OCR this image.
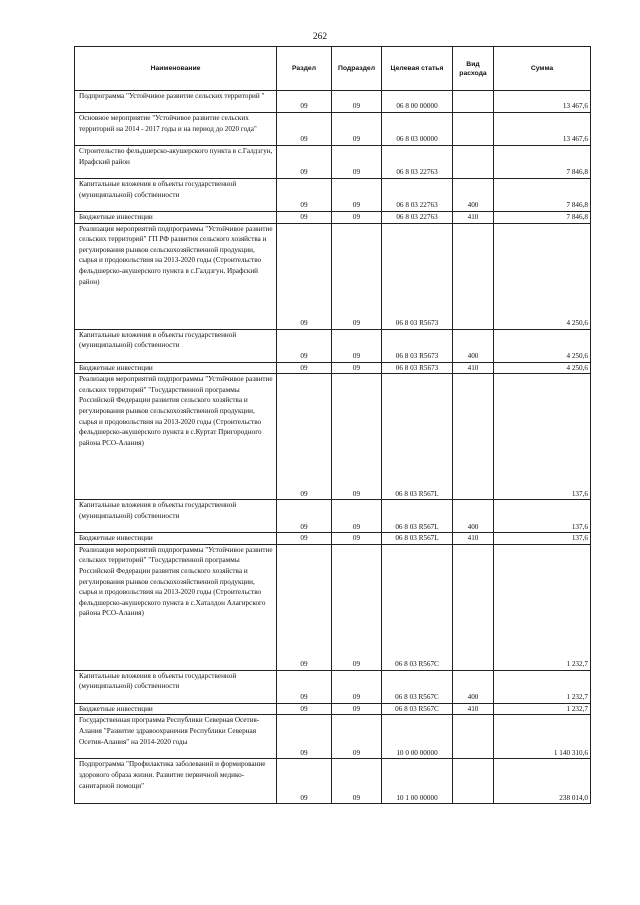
262
Наименование	Раздел	Подраздел	Целевая статья	Вид расхода	Сумма
Подпрограмма "Устойчивое развитие сельских территорий "	09	09	06 8 00 00000		13 467,6
Основное мероприятие "Устойчивое развитие сельских территорий на 2014 - 2017 годы и на период до 2020 года"	09	09	06 8 03 00000		13 467,6
Строительство фельдшерско-акушерского пункта в с.Галдзгун, Ирафский район	09	09	06 8 03 22763		7 846,8
Капитальные вложения в объекты государственной (муниципальной) собственности	09	09	06 8 03 22763	400	7 846,8
Бюджетные инвестиции	09	09	06 8 03 22763	410	7 846,8
Реализация мероприятий подпрограммы "Устойчивое развитие сельских территорий" ГП РФ развития сельского хозяйства и регулирования рынков сельскохозяйственной продукции, сырья и продовольствия на 2013-2020 годы (Строительство фельдшерско-акушерского пункта в с.Галдзгун, Ирафский район)	09	09	06 8 03 R5673		4 250,6
Капитальные вложения в объекты государственной (муниципальной) собственности	09	09	06 8 03 R5673	400	4 250,6
Бюджетные инвестиции	09	09	06 8 03 R5673	410	4 250,6
Реализация мероприятий подпрограммы "Устойчивое развитие сельских территорий" "Государственной программы Российской Федерации развития сельского хозяйства и регулирования рынков сельскохозяйственной продукции, сырья и продовольствия на 2013-2020 годы (Строительство фельдшерско-акушерского пункта в с.Куртат Пригородного района РСО-Алания)	09	09	06 8 03 R567L		137,6
Капитальные вложения в объекты государственной (муниципальной) собственности	09	09	06 8 03 R567L	400	137,6
Бюджетные инвестиции	09	09	06 8 03 R567L	410	137,6
Реализация мероприятий подпрограммы "Устойчивое развитие сельских территорий" "Государственной программы Российской Федерации развития сельского хозяйства и регулирования рынков сельскохозяйственной продукции, сырья и продовольствия на 2013-2020 годы (Строительство фельдшерско-акушерского пункта в с.Хаталдон Алагирского района РСО-Алания)	09	09	06 8 03 R567C		1 232,7
Капитальные вложения в объекты государственной (муниципальной) собственности	09	09	06 8 03 R567C	400	1 232,7
Бюджетные инвестиции	09	09	06 8 03 R567C	410	1 232,7
Государственная программа Республики Северная Осетия-Алания "Развитие здравоохранения Республики Северная Осетия-Алания" на 2014-2020 годы	09	09	10 0 00 00000		1 140 310,6
Подпрограмма "Профилактика заболеваний и формирование здорового образа жизни. Развитие первичной медико-санитарной помощи"	09	09	10 1 00 00000		238 014,0
